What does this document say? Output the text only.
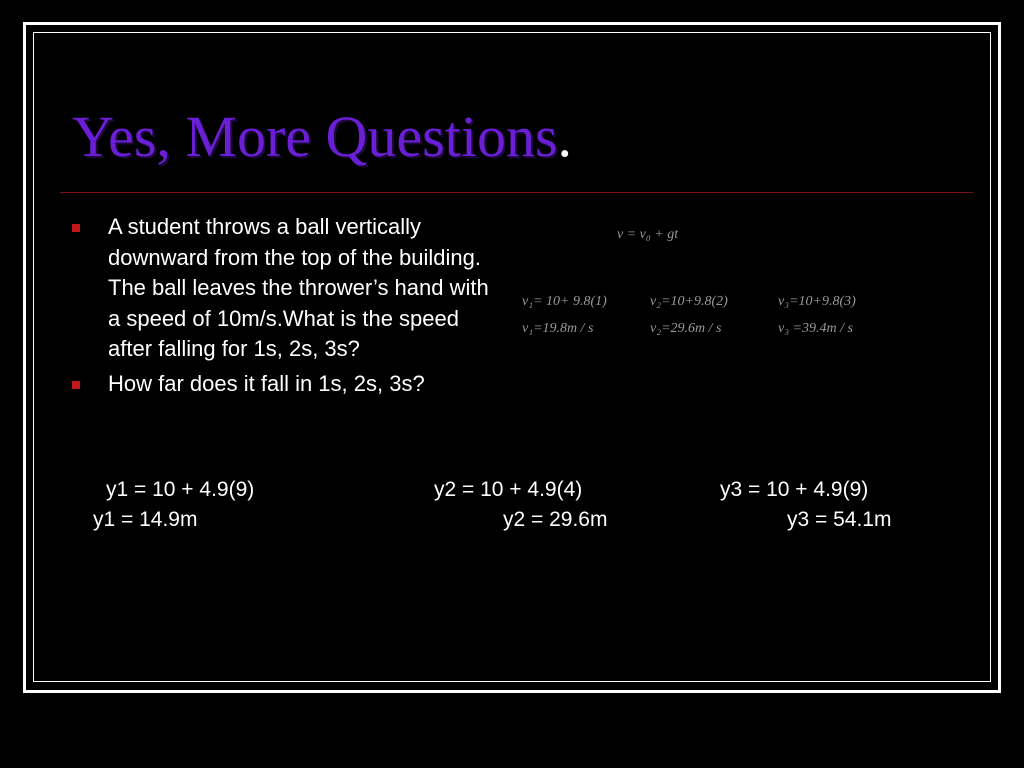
Yes, More Questions.
A student throws a ball vertically downward from the top of the building. The ball leaves the thrower’s hand with a speed of 10m/s.What is the speed after falling for 1s, 2s, 3s?
How far does it fall in 1s, 2s, 3s?
v = v₀ + gt
v₁= 10+ 9.8(1)	v₂=10+9.8(2)	v₃=10+9.8(3)
v₁=19.8m / s	v₂=29.6m / s	v₃ =39.4m / s
y1 = 10 + 4.9(9)	y2 = 10 + 4.9(4)	y3 = 10 + 4.9(9)
y1 = 14.9m	y2 = 29.6m	y3 = 54.1m
